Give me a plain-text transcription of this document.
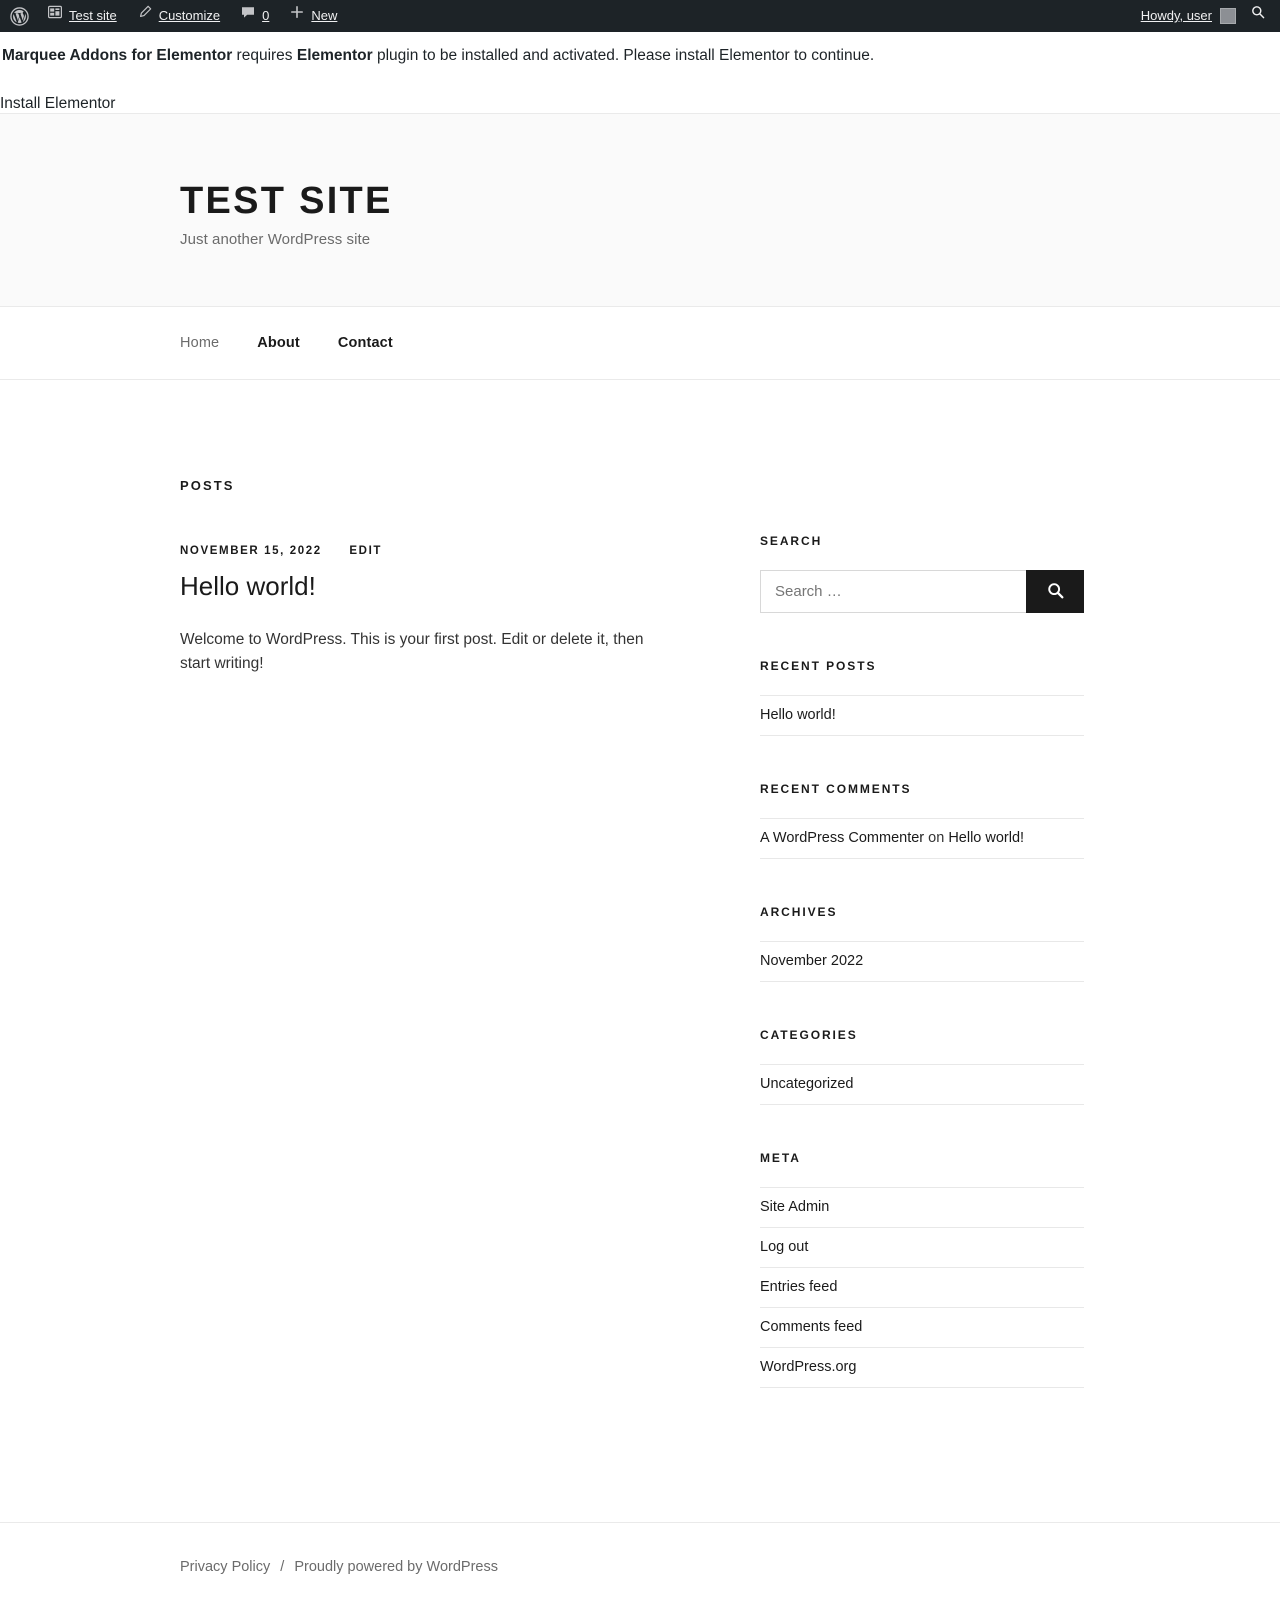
Test site	Customize	0	New	Howdy, user
Marquee Addons for Elementor requires Elementor plugin to be installed and activated. Please install Elementor to continue.
Install Elementor
TEST SITE

Just another WordPress site

Home	About	Contact
POSTS
NOVEMBER 15, 2022 EDIT
Hello world!
Welcome to WordPress. This is your first post. Edit or delete it, then start writing!
SEARCH
Search …
RECENT POSTS
Hello world!
RECENT COMMENTS
A WordPress Commenter on Hello world!
ARCHIVES
November 2022
CATEGORIES
Uncategorized
META
Site Admin
Log out
Entries feed
Comments feed
WordPress.org
Privacy Policy / Proudly powered by WordPress
